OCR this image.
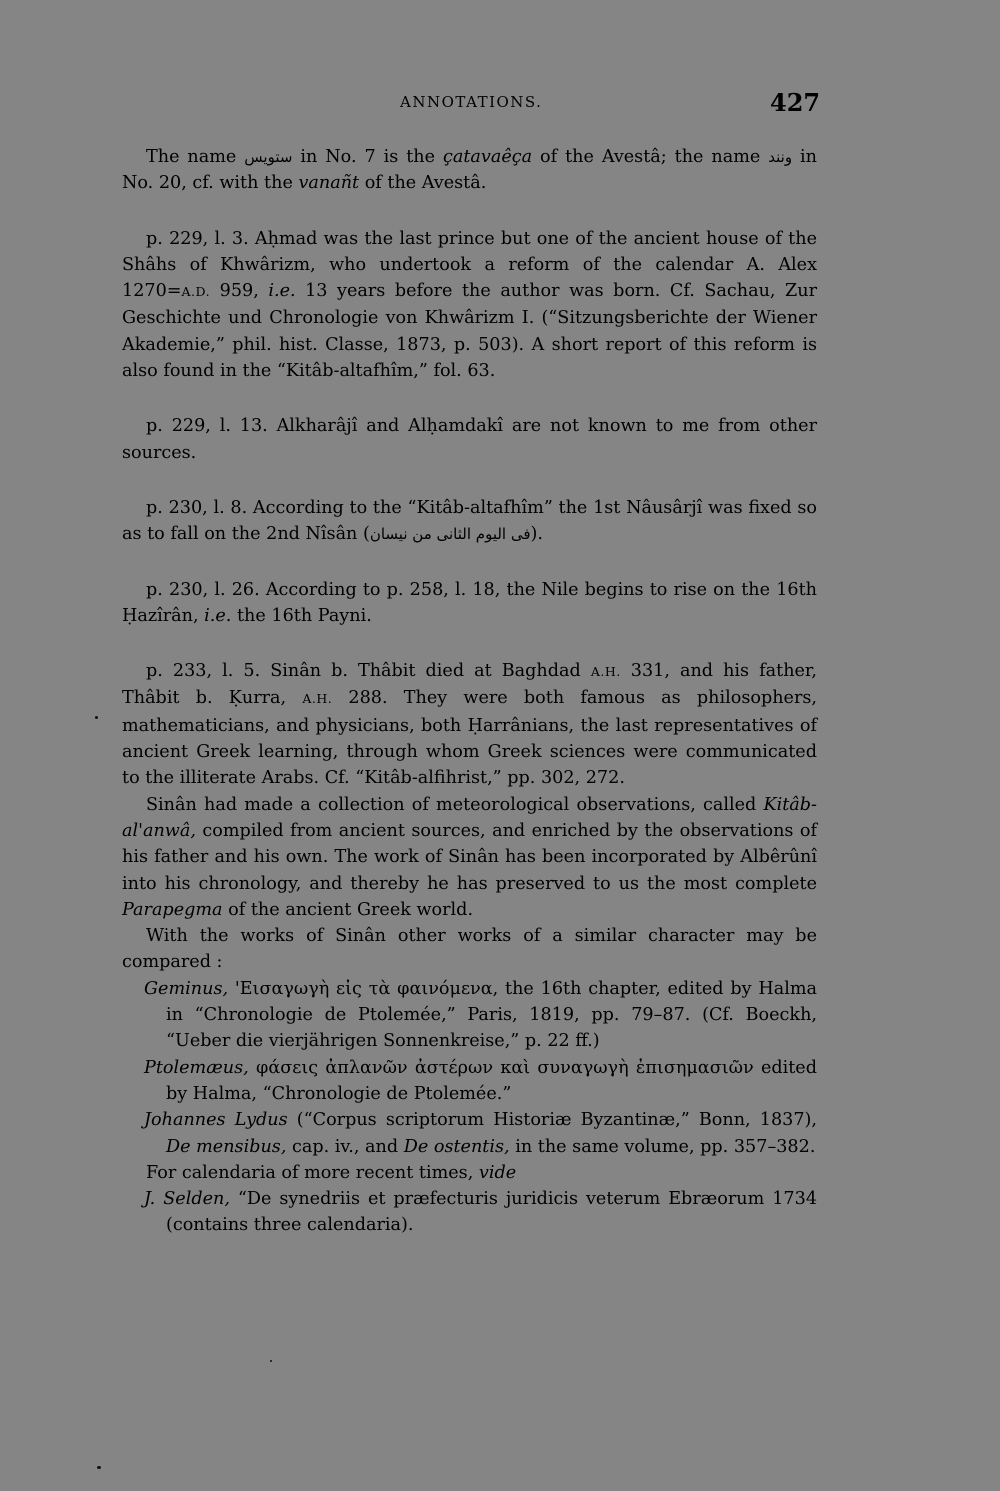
ANNOTATIONS.	427

The name ستويس in No. 7 is the çatavaêça of the Avestâ; the name ونند in No. 20, cf. with the vanañt of the Avestâ.

p. 229, l. 3. Aḥmad was the last prince but one of the ancient house of the Shâhs of Khwârizm, who undertook a reform of the calendar A. Alex 1270=A.D. 959, i.e. 13 years before the author was born. Cf. Sachau, Zur Geschichte und Chronologie von Khwârizm I. (“Sitzungsberichte der Wiener Akademie,” phil. hist. Classe, 1873, p. 503). A short report of this reform is also found in the “Kitâb-altafhîm,” fol. 63.

p. 229, l. 13. Alkharâjî and Alḥamdakî are not known to me from other sources.

p. 230, l. 8. According to the “Kitâb-altafhîm” the 1st Nâusârjî was fixed so as to fall on the 2nd Nîsân (فى اليوم الثانى من نيسان).

p. 230, l. 26. According to p. 258, l. 18, the Nile begins to rise on the 16th Ḥazîrân, i.e. the 16th Payni.

p. 233, l. 5. Sinân b. Thâbit died at Baghdad A.H. 331, and his father, Thâbit b. Ḳurra, A.H. 288. They were both famous as philosophers, mathematicians, and physicians, both Ḥarrânians, the last representatives of ancient Greek learning, through whom Greek sciences were communicated to the illiterate Arabs. Cf. “Kitâb-alfihrist,” pp. 302, 272.

Sinân had made a collection of meteorological observations, called Kitâb-al'anwâ, compiled from ancient sources, and enriched by the observations of his father and his own. The work of Sinân has been incorporated by Albêrûnî into his chronology, and thereby he has preserved to us the most complete Parapegma of the ancient Greek world.

With the works of Sinân other works of a similar character may be compared :

Geminus, 'Εισαγωγὴ εἰς τὰ φαινόμενα, the 16th chapter, edited by Halma in “Chronologie de Ptolemée,” Paris, 1819, pp. 79–87. (Cf. Boeckh, “Ueber die vierjährigen Sonnenkreise,” p. 22 ff.)

Ptolemæus, φάσεις ἀπλανῶν ἀστέρων καὶ συναγωγὴ ἐπισημασιῶν edited by Halma, “Chronologie de Ptolemée.”

Johannes Lydus (“Corpus scriptorum Historiæ Byzantinæ,” Bonn, 1837), De mensibus, cap. iv., and De ostentis, in the same volume, pp. 357–382.

For calendaria of more recent times, vide

J. Selden, “De synedriis et præfecturis juridicis veterum Ebræorum 1734 (contains three calendaria).
